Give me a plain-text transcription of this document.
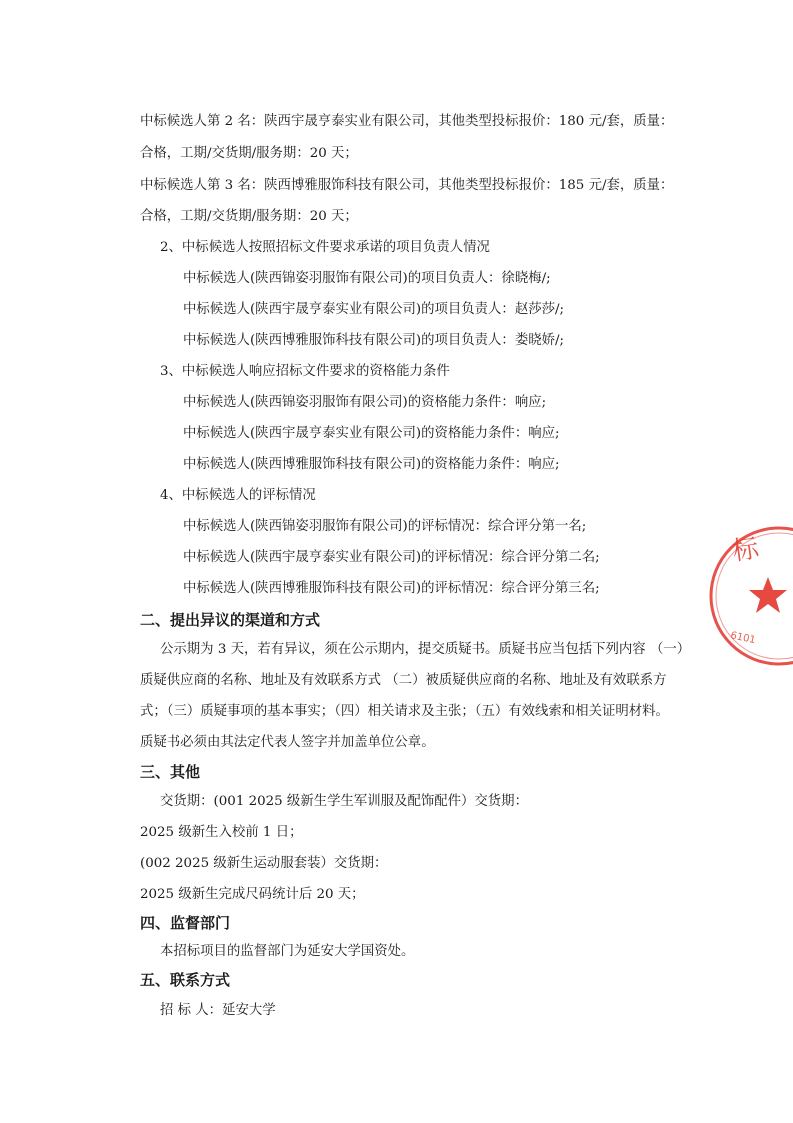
中标候选人第 2 名：陕西宇晟亨泰实业有限公司，其他类型投标报价：180 元/套，质量：
合格，工期/交货期/服务期：20 天；
中标候选人第 3 名：陕西博雅服饰科技有限公司，其他类型投标报价：185 元/套，质量：
合格，工期/交货期/服务期：20 天；
2、中标候选人按照招标文件要求承诺的项目负责人情况
中标候选人(陕西锦姿羽服饰有限公司)的项目负责人：徐晓梅/;
中标候选人(陕西宇晟亨泰实业有限公司)的项目负责人：赵莎莎/;
中标候选人(陕西博雅服饰科技有限公司)的项目负责人：娄晓娇/;
3、中标候选人响应招标文件要求的资格能力条件
中标候选人(陕西锦姿羽服饰有限公司)的资格能力条件：响应;
中标候选人(陕西宇晟亨泰实业有限公司)的资格能力条件：响应;
中标候选人(陕西博雅服饰科技有限公司)的资格能力条件：响应;
4、中标候选人的评标情况
中标候选人(陕西锦姿羽服饰有限公司)的评标情况：综合评分第一名;
中标候选人(陕西宇晟亨泰实业有限公司)的评标情况：综合评分第二名;
中标候选人(陕西博雅服饰科技有限公司)的评标情况：综合评分第三名;
二、提出异议的渠道和方式
公示期为 3 天，若有异议，须在公示期内，提交质疑书。质疑书应当包括下列内容 （一）
质疑供应商的名称、地址及有效联系方式 （二）被质疑供应商的名称、地址及有效联系方
式；（三）质疑事项的基本事实；（四）相关请求及主张；（五）有效线索和相关证明材料。
质疑书必须由其法定代表人签字并加盖单位公章。
三、其他
交货期：(001 2025 级新生学生军训服及配饰配件）交货期：
2025 级新生入校前 1 日；
(002 2025 级新生运动服套装）交货期：
2025 级新生完成尺码统计后 20 天；
四、监督部门
本招标项目的监督部门为延安大学国资处。
五、联系方式
招 标 人：延安大学
标
6101
